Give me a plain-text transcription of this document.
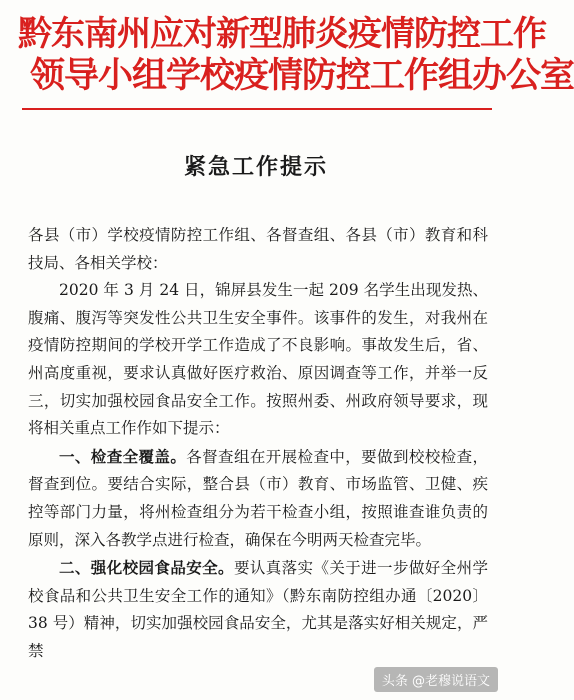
黔东南州应对新型肺炎疫情防控工作
领导小组学校疫情防控工作组办公室
紧急工作提示

各县（市）学校疫情防控工作组、各督查组、各县（市）教育和科技局、各相关学校：

2020 年 3 月 24 日，锦屏县发生一起 209 名学生出现发热、腹痛、腹泻等突发性公共卫生安全事件。该事件的发生，对我州在疫情防控期间的学校开学工作造成了不良影响。事故发生后，省、州高度重视，要求认真做好医疗救治、原因调查等工作，并举一反三，切实加强校园食品安全工作。按照州委、州政府领导要求，现将相关重点工作作如下提示：

一、检查全覆盖。各督查组在开展检查中，要做到校校检查，督查到位。要结合实际，整合县（市）教育、市场监管、卫健、疾控等部门力量，将州检查组分为若干检查小组，按照谁查谁负责的原则，深入各教学点进行检查，确保在今明两天检查完毕。

二、强化校园食品安全。要认真落实《关于进一步做好全州学校食品和公共卫生安全工作的通知》（黔东南防控组办通〔2020〕38 号）精神，切实加强校园食品安全，尤其是落实好相关规定，严禁

头条 @老穆说语文
